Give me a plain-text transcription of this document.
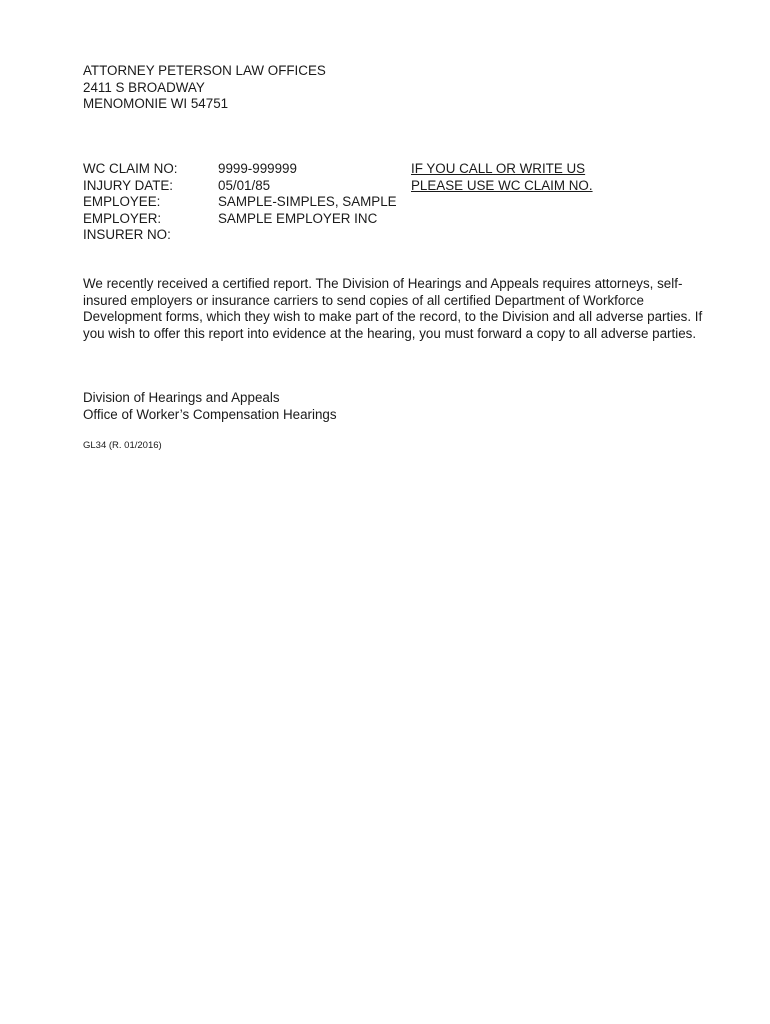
ATTORNEY PETERSON LAW OFFICES
2411 S BROADWAY
MENOMONIE WI 54751
WC CLAIM NO:	9999-999999	IF YOU CALL OR WRITE US
INJURY DATE:	05/01/85	PLEASE USE WC CLAIM NO.
EMPLOYEE:	SAMPLE-SIMPLES, SAMPLE
EMPLOYER:	SAMPLE EMPLOYER INC
INSURER NO:
We recently received a certified report. The Division of Hearings and Appeals requires attorneys, self-insured employers or insurance carriers to send copies of all certified Department of Workforce Development forms, which they wish to make part of the record, to the Division and all adverse parties. If you wish to offer this report into evidence at the hearing, you must forward a copy to all adverse parties.
Division of Hearings and Appeals
Office of Worker’s Compensation Hearings
GL34 (R. 01/2016)
